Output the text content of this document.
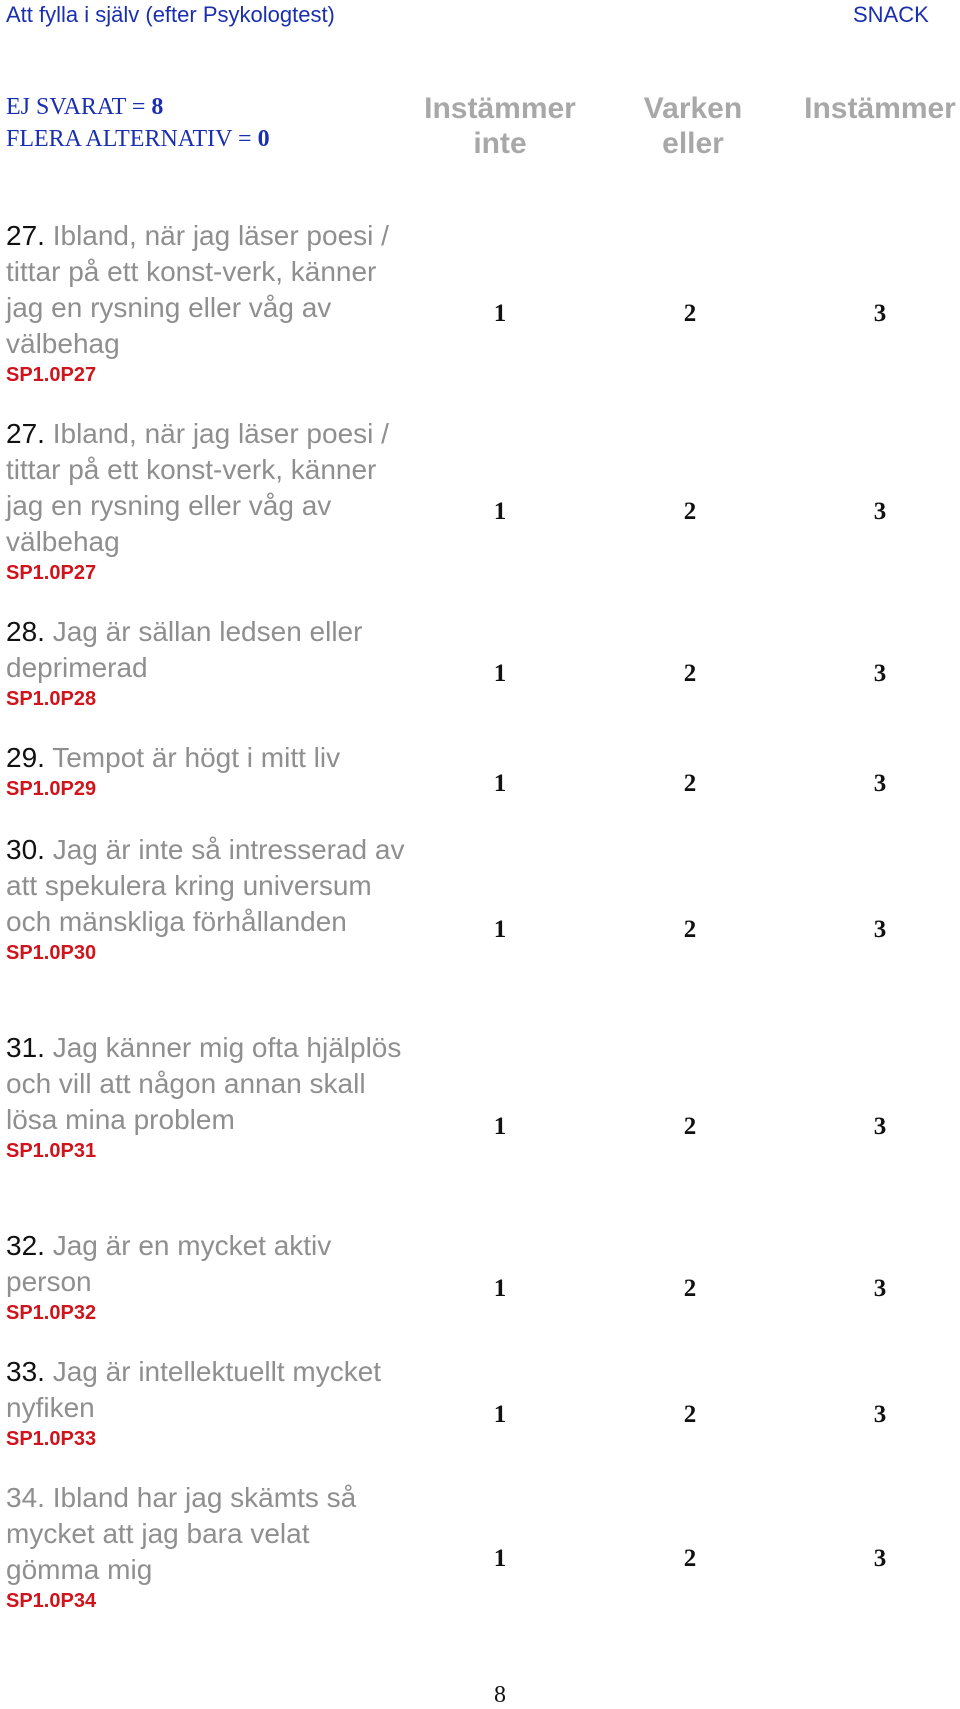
Att fylla i själv (efter Psykologtest)	SNACK
EJ SVARAT = 8
FLERA ALTERNATIV = 0
Instämmer
inte
Varken
eller
Instämmer
27. Ibland, när jag läser poesi / tittar på ett konst-verk, känner jag en rysning eller våg av välbehag
SP1.0P27
1	2	3
27. Ibland, när jag läser poesi / tittar på ett konst-verk, känner jag en rysning eller våg av välbehag
SP1.0P27
1	2	3
28. Jag är sällan ledsen eller deprimerad
SP1.0P28
1	2	3
29. Tempot är högt i mitt liv
SP1.0P29	1	2	3
30. Jag är inte så intresserad av att spekulera kring universum och mänskliga förhållanden
SP1.0P30
1	2	3
31. Jag känner mig ofta hjälplös och vill att någon annan skall lösa mina problem
SP1.0P31
1	2	3
32. Jag är en mycket aktiv person
SP1.0P32
1	2	3
33. Jag är intellektuellt mycket nyfiken
SP1.0P33
1	2	3
34. Ibland har jag skämts så mycket att jag bara velat gömma mig
SP1.0P34
1	2	3
8
